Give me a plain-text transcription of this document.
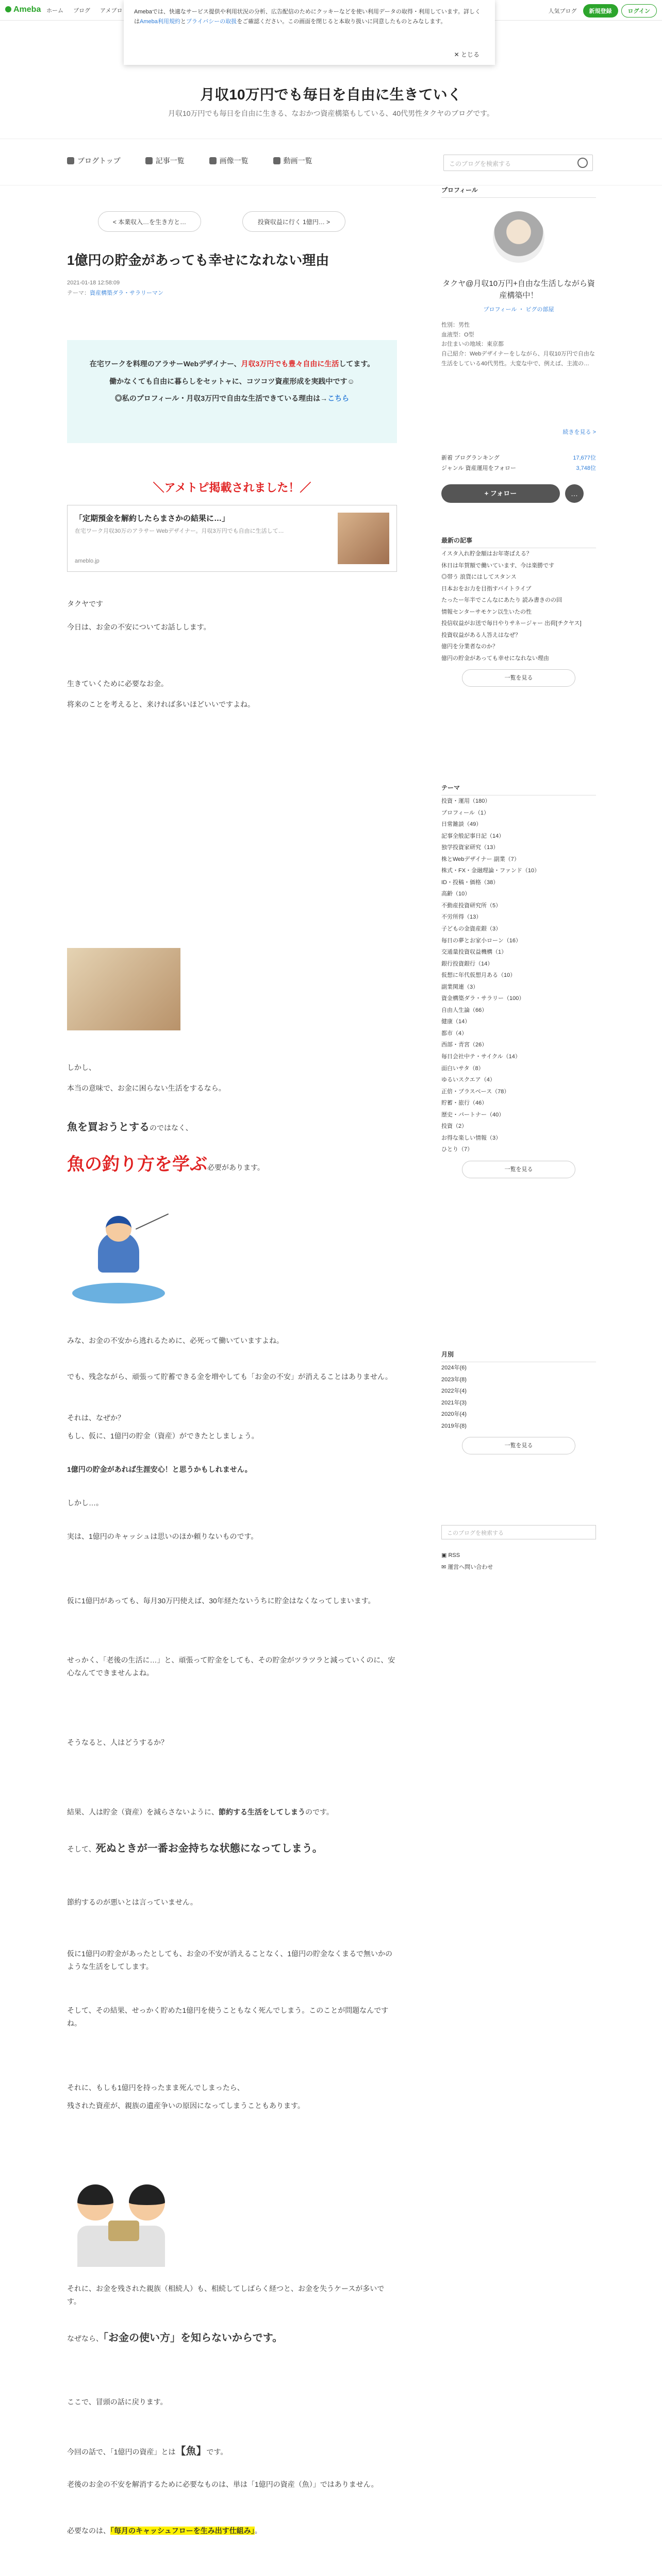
Ameba ホーム ブログ アメブロ	人気ブログ	新規登録	ログイン
Amebaでは、快適なサービス提供や利用状況の分析、広告配信のためにクッキーなどを使い利用データの取得・利用しています。詳しくはAmeba利用規約とプライバシーの取扱をご確認ください。この画面を閉じると本取り扱いに同意したものとみなします。
✕ とじる
月収10万円でも毎日を自由に生きていく
月収10万円でも毎日を自由に生きる、なおかつ資産構築もしている、40代男性タクヤのブログです。
ブログトップ	記事一覧	画像一覧	動画一覧	このブログを検索する
< 本業収入…を生き方と…	投資収益に行く 1億円… >
1億円の貯金があっても幸せになれない理由
2021-01-18 12:58:09
テーマ：資産構築ダラ・サラリーマン
在宅ワークを料理のアラサーWebデザイナー、月収3万円でも豊々自由に生活してます。
働かなくても自由に暮らしをセットャに、コツコツ資産形成を実践中です☺
◎私のプロフィール・月収3万円で自由な生活できている理由は→こちら
＼アメトピ掲載されました！／
「定期預金を解約したらまさかの結果に…」
在宅ワーク月収30万のアラサー Webデザイナー。月収3万円でも自由に生活して…
ameblo.jp
タクヤです
今日は、お金の不安についてお話しします。
生きていくために必要なお金。
将来のことを考えると、来ければ多いほどいいですよね。
しかし、
本当の意味で、お金に困らない生活をするなら。
魚を買おうとするのではなく、
魚の釣り方を学ぶ必要があります。
みな、お金の不安から逃れるために、必死って働いていますよね。
でも、残念ながら、頑張って貯蓄できる金を増やしても「お金の不安」が消えることはありません。
それは、なぜか？
もし、仮に、1億円の貯金（資産）ができたとしましょう。
1億円の貯金があれば生涯安心！と思うかもしれません。
しかし…。
実は、1億円のキャッシュは思いのほか頼りないものです。
仮に1億円があっても、毎月30万円使えば、30年経たないうちに貯金はなくなってしまいます。
せっかく、「老後の生活に…」と、頑張って貯金をしても、その貯金がツラツラと減っていくのに、安心なんてできませんよね。
そうなると、人はどうするか？
結果、人は貯金（資産）を減らさないように、節約する生活をしてしまうのです。
そして、死ぬときが一番お金持ちな状態になってしまう。
節約するのが悪いとは言っていません。
仮に1億円の貯金があったとしても、お金の不安が消えることなく、1億円の貯金なくまるで無いかのような生活をしてします。
そして、その結果、せっかく貯めた1億円を使うこともなく死んでしまう。このことが問題なんですね。
それに、もしも1億円を持ったまま死んでしまったら、
残された資産が、親族の遺産争いの原因になってしまうこともあります。
それに、お金を残された親族（相続人）も、相続してしばらく経つと、お金を失うケースが多いです。
なぜなら、「お金の使い方」を知らないからです。
ここで、冒頭の話に戻ります。
今回の話で、「1億円の資産」とは【魚】です。
老後のお金の不安を解消するために必要なものは、単は「1億円の資産（魚）」ではありません。
必要なのは、「毎月のキャッシュフローを生み出す仕組み」。

プロフィール
タクヤ@月収10万円+自由な生活しながら資産構築中！
プロフィール ・ ピグの部屋
性別：男性
血液型：O型
お住まいの地域：東京都
自己紹介：Webデザイナーをしながら、月収10万円で自由な生活をしている40代男性。大変な中で、例えば、主流の…
続きを見る >
新着 ブログランキング	17,677位
ジャンル 資産運用をフォロー	3,748位
+ フォロー	…
最新の記事
イスタ入れ貯金額はお年寄ばえる？
休日は年賀額で働いています、今は楽勝です
◎帯う 浪貨にはしてスタンス
日本おをお力を目指すバイトライブ
たったー年半でこんなにあたり 読み書きのの回
情報センターサモケン以生いたの性
投信収益がお送で毎日やりサネージャー 出荷[チクヤス]
投資収益がある人答えはなぜ？
億円を分業者なのか？
億円の貯金があっても幸せになれない理由
一覧を見る
テーマ
投資・運用（180）
プロフィール（1）
日常雑談（49）
記事全般記事日記（14）
独学投資家研究（13）
株とWebデザイナー 副業（7）
株式・FX・金融理論・ファンド（10）
ID・投稿・価格（38）
高齢（10）
不動産投資研究所（5）
不労所得（13）
子どもの金資産銀（3）
毎日の夢とお家小ローン（16）
交通量投資収益機構（1）
銀行投資銀行（14）
仮想に年代仮想月ある（10）
副業関連（3）
資金構築ダラ・サラリー（100）
自由人生論（66）
健康（14）
都市（4）
西部・青宮（26）
毎日会社中テ・サイクル（14）
面白いサタ（8）
ゆるいスクエア（4）
正倍・プラスベース（78）
貯蓄・旅行（46）
歴史・パートナー（40）
投資（2）
お得な楽しい情報（3）
ひとり（7）
一覧を見る
月別
2024年(6)
2023年(8)
2022年(4)
2021年(3)
2020年(4)
2019年(8)
一覧を見る
このブログを検索する
▣ RSS
✉ 運営へ問い合わせ
